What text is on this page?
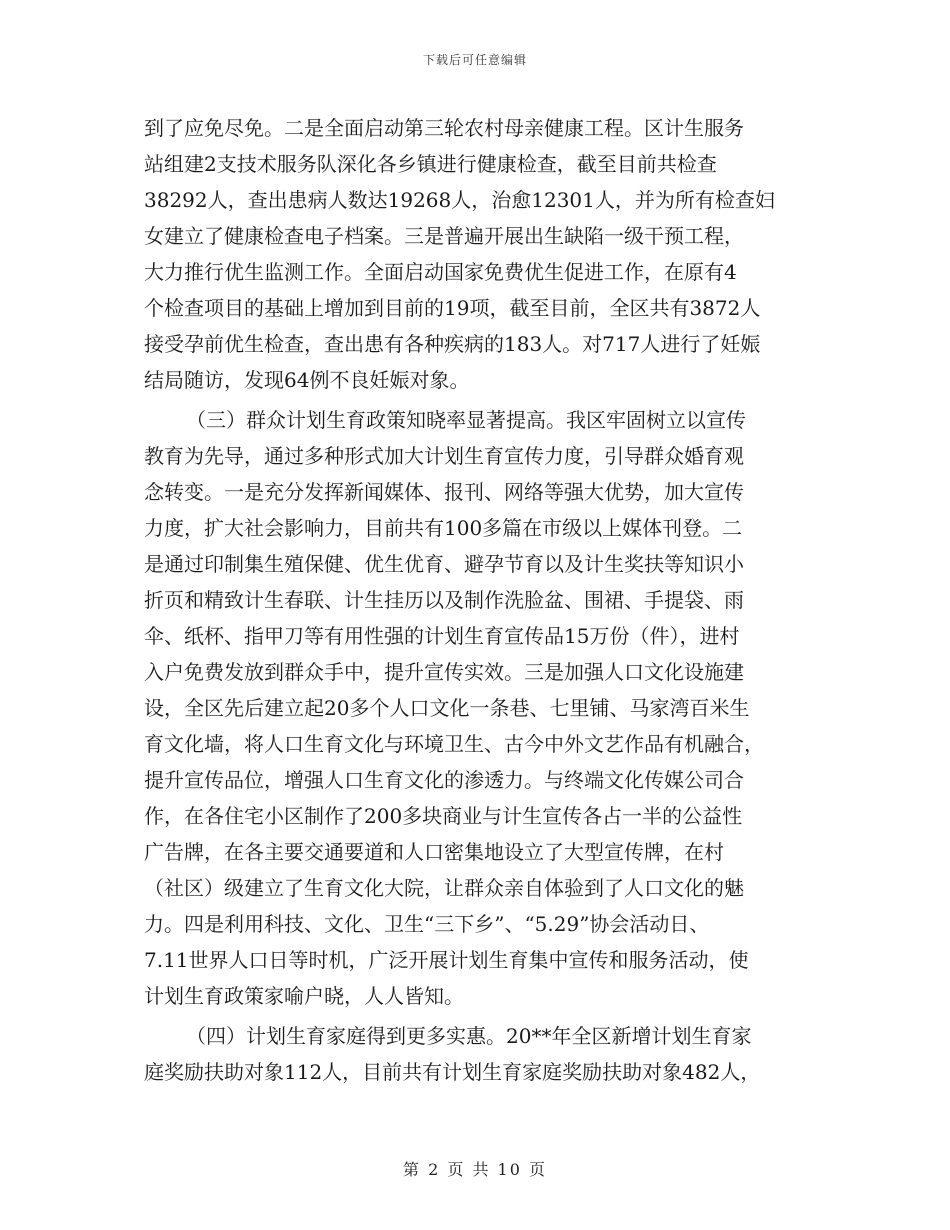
下载后可任意编辑
到了应免尽免。二是全面启动第三轮农村母亲健康工程。区计生服务
站组建2支技术服务队深化各乡镇进行健康检查，截至目前共检查
38292人，查出患病人数达19268人，治愈12301人，并为所有检查妇
女建立了健康检查电子档案。三是普遍开展出生缺陷一级干预工程，
大力推行优生监测工作。全面启动国家免费优生促进工作，在原有4
个检查项目的基础上增加到目前的19项，截至目前，全区共有3872人
接受孕前优生检查，查出患有各种疾病的183人。对717人进行了妊娠
结局随访，发现64例不良妊娠对象。
（三）群众计划生育政策知晓率显著提高。我区牢固树立以宣传
教育为先导，通过多种形式加大计划生育宣传力度，引导群众婚育观
念转变。一是充分发挥新闻媒体、报刊、网络等强大优势，加大宣传
力度，扩大社会影响力，目前共有100多篇在市级以上媒体刊登。二
是通过印制集生殖保健、优生优育、避孕节育以及计生奖扶等知识小
折页和精致计生春联、计生挂历以及制作洗脸盆、围裙、手提袋、雨
伞、纸杯、指甲刀等有用性强的计划生育宣传品15万份（件），进村
入户免费发放到群众手中，提升宣传实效。三是加强人口文化设施建
设，全区先后建立起20多个人口文化一条巷、七里铺、马家湾百米生
育文化墙，将人口生育文化与环境卫生、古今中外文艺作品有机融合，
提升宣传品位，增强人口生育文化的渗透力。与终端文化传媒公司合
作，在各住宅小区制作了200多块商业与计生宣传各占一半的公益性
广告牌，在各主要交通要道和人口密集地设立了大型宣传牌，在村
（社区）级建立了生育文化大院，让群众亲自体验到了人口文化的魅
力。四是利用科技、文化、卫生“三下乡”、“5.29”协会活动日、
7.11世界人口日等时机，广泛开展计划生育集中宣传和服务活动，使
计划生育政策家喻户晓，人人皆知。
（四）计划生育家庭得到更多实惠。20**年全区新增计划生育家
庭奖励扶助对象112人，目前共有计划生育家庭奖励扶助对象482人，
第 2 页 共 10 页
